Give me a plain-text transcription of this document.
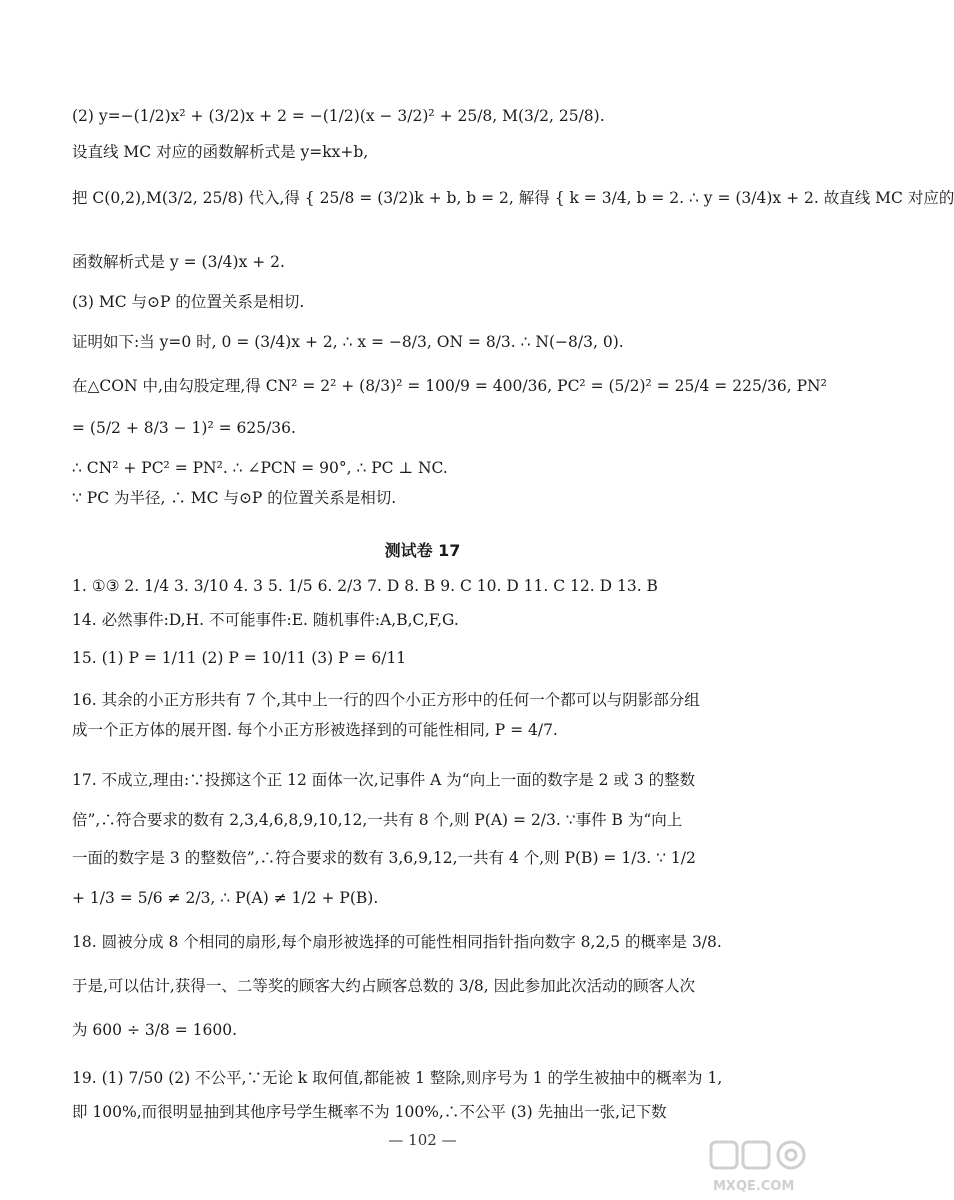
(2) y=−(1/2)x² + (3/2)x + 2 = −(1/2)(x − 3/2)² + 25/8, M(3/2, 25/8).
设直线 MC 对应的函数解析式是 y=kx+b,
把 C(0,2),M(3/2, 25/8) 代入,得 { 25/8 = (3/2)k + b, b = 2, 解得 { k = 3/4, b = 2. ∴ y = (3/4)x + 2. 故直线 MC 对应的
函数解析式是 y = (3/4)x + 2.
(3) MC 与⊙P 的位置关系是相切.
证明如下:当 y=0 时, 0 = (3/4)x + 2, ∴ x = −8/3, ON = 8/3. ∴ N(−8/3, 0).
在△CON 中,由勾股定理,得 CN² = 2² + (8/3)² = 100/9 = 400/36, PC² = (5/2)² = 25/4 = 225/36, PN²
= (5/2 + 8/3 − 1)² = 625/36.
∴ CN² + PC² = PN². ∴ ∠PCN = 90°, ∴ PC ⊥ NC.
∵ PC 为半径, ∴ MC 与⊙P 的位置关系是相切.
测试卷 17
1. ①③ 2. 1/4 3. 3/10 4. 3 5. 1/5 6. 2/3 7. D 8. B 9. C 10. D 11. C 12. D 13. B
14. 必然事件:D,H. 不可能事件:E. 随机事件:A,B,C,F,G.
15. (1) P = 1/11 (2) P = 10/11 (3) P = 6/11
16. 其余的小正方形共有 7 个,其中上一行的四个小正方形中的任何一个都可以与阴影部分组
成一个正方体的展开图. 每个小正方形被选择到的可能性相同, P = 4/7.
17. 不成立,理由:∵投掷这个正 12 面体一次,记事件 A 为“向上一面的数字是 2 或 3 的整数
倍”,∴符合要求的数有 2,3,4,6,8,9,10,12,一共有 8 个,则 P(A) = 2/3. ∵事件 B 为“向上
一面的数字是 3 的整数倍”,∴符合要求的数有 3,6,9,12,一共有 4 个,则 P(B) = 1/3. ∵ 1/2
+ 1/3 = 5/6 ≠ 2/3, ∴ P(A) ≠ 1/2 + P(B).
18. 圆被分成 8 个相同的扇形,每个扇形被选择的可能性相同指针指向数字 8,2,5 的概率是 3/8.
于是,可以估计,获得一、二等奖的顾客大约占顾客总数的 3/8, 因此参加此次活动的顾客人次
为 600 ÷ 3/8 = 1600.
19. (1) 7/50 (2) 不公平,∵无论 k 取何值,都能被 1 整除,则序号为 1 的学生被抽中的概率为 1,
即 100%,而很明显抽到其他序号学生概率不为 100%,∴不公平 (3) 先抽出一张,记下数
— 102 —
MXQE.COM
